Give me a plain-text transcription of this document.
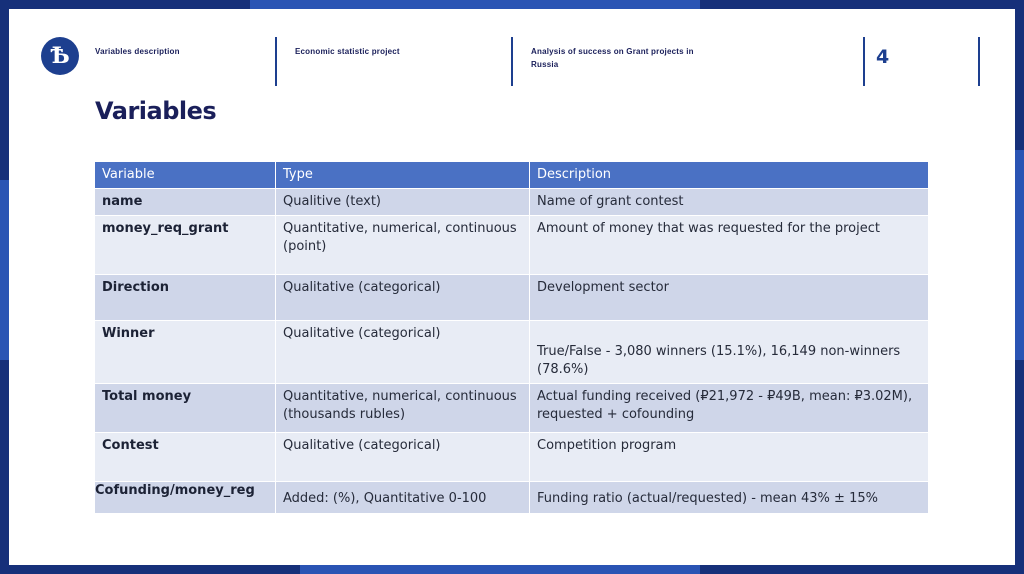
Ѣ	Variables description	Economic statistic project	Analysis of success on Grant projects in Russia	4
Variables
Variable	Type	Description
name	Qualitive (text)	Name of grant contest
money_req_grant	Quantitative, numerical, continuous (point)	Amount of money that was requested for the project
Direction	Qualitative (categorical)	Development sector
Winner	Qualitative (categorical)	True/False - 3,080 winners (15.1%), 16,149 non-winners (78.6%)

Total money	Quantitative, numerical, continuous (thousands rubles)	Actual funding received (₽21,972 - ₽49B, mean: ₽3.02M), requested + cofounding
Contest	Qualitative (categorical)	Competition program
Cofunding/money_reg	Added: (%), Quantitative 0-100	Funding ratio (actual/requested) - mean 43% ± 15%
